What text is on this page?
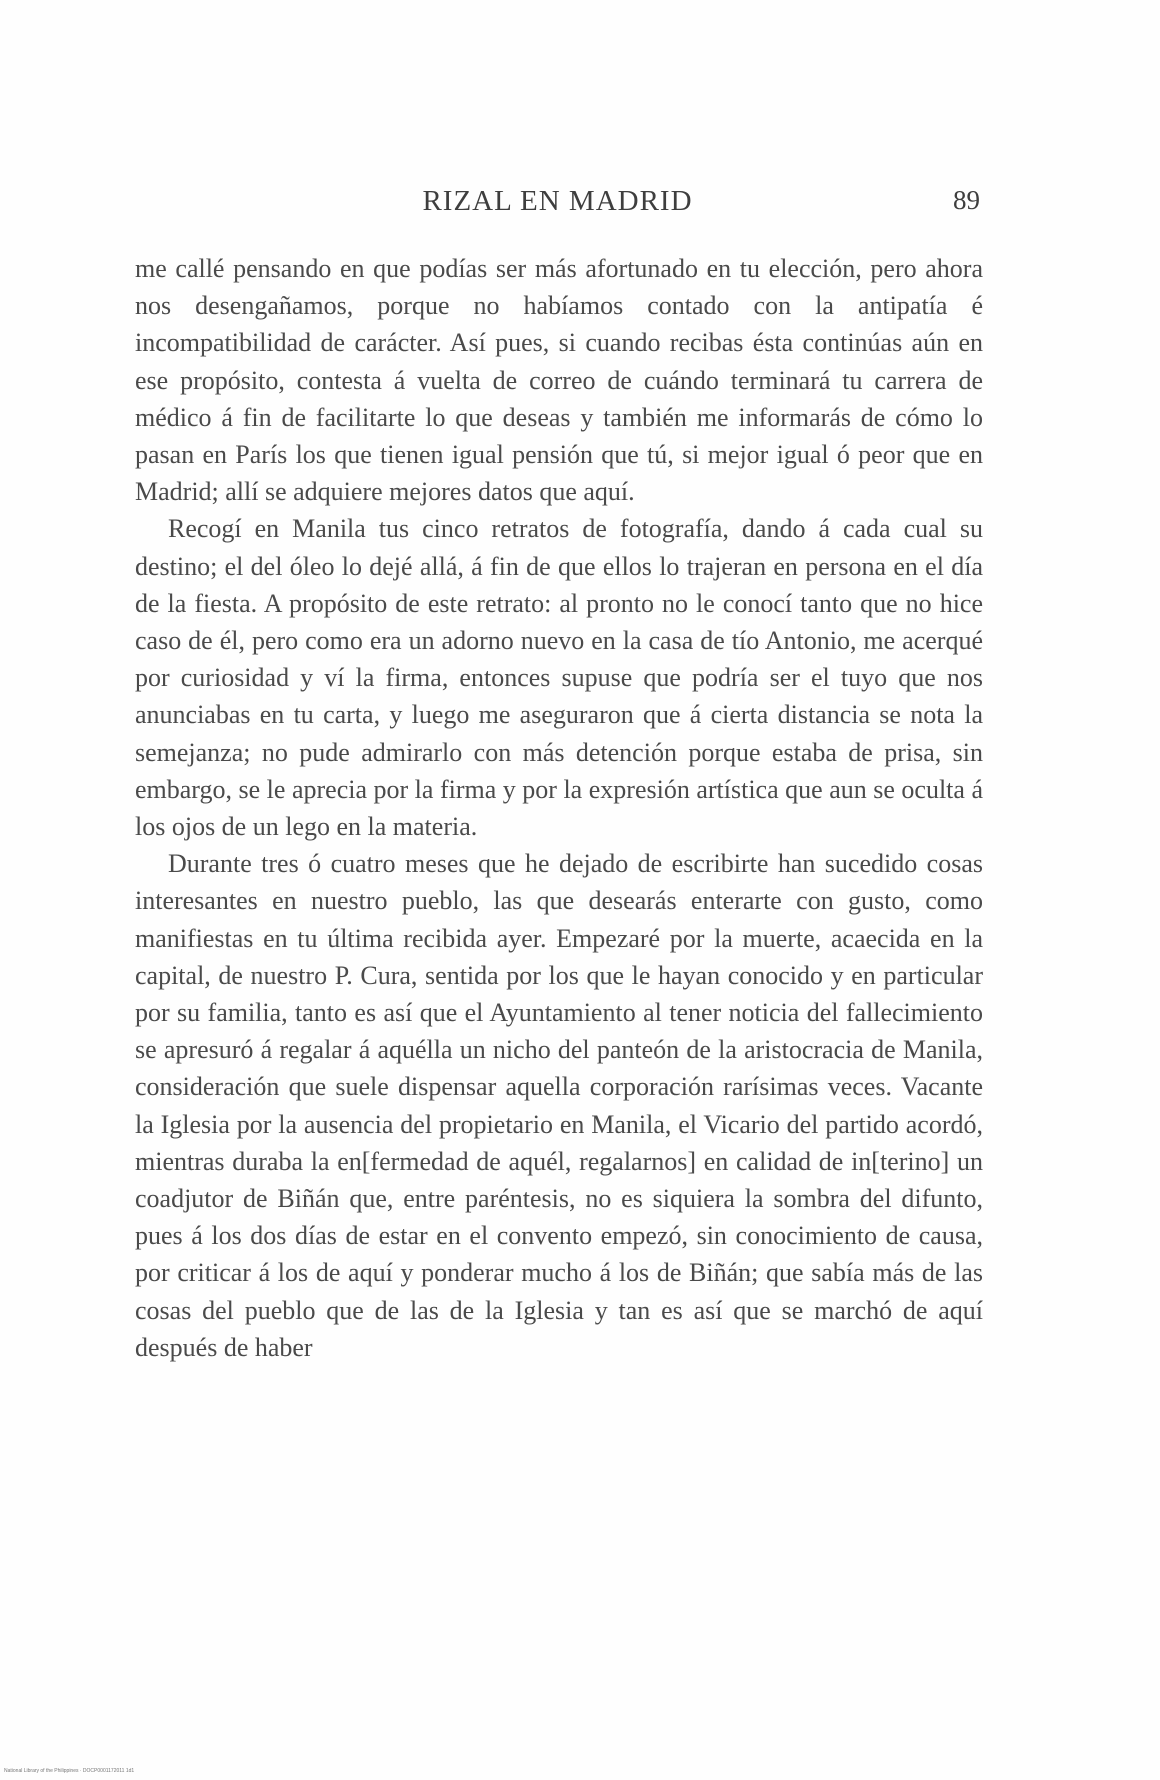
RIZAL EN MADRID	89

me callé pensando en que podías ser más afortunado en tu elección, pero ahora nos desengañamos, porque no habíamos contado con la antipatía é incompatibilidad de carácter. Así pues, si cuando recibas ésta continúas aún en ese propósito, contesta á vuelta de correo de cuándo terminará tu carrera de médico á fin de facilitarte lo que deseas y también me informarás de cómo lo pasan en París los que tienen igual pensión que tú, si mejor igual ó peor que en Madrid; allí se adquiere mejores datos que aquí.

Recogí en Manila tus cinco retratos de fotografía, dando á cada cual su destino; el del óleo lo dejé allá, á fin de que ellos lo trajeran en persona en el día de la fiesta. A propósito de este retrato: al pronto no le conocí tanto que no hice caso de él, pero como era un adorno nuevo en la casa de tío Antonio, me acerqué por curiosidad y ví la firma, entonces supuse que podría ser el tuyo que nos anunciabas en tu carta, y luego me aseguraron que á cierta distancia se nota la semejanza; no pude admirarlo con más detención porque estaba de prisa, sin embargo, se le aprecia por la firma y por la expresión artística que aun se oculta á los ojos de un lego en la materia.

Durante tres ó cuatro meses que he dejado de escribirte han sucedido cosas interesantes en nuestro pueblo, las que desearás enterarte con gusto, como manifiestas en tu última recibida ayer. Empezaré por la muerte, acaecida en la capital, de nuestro P. Cura, sentida por los que le hayan conocido y en particular por su familia, tanto es así que el Ayuntamiento al tener noticia del fallecimiento se apresuró á regalar á aquélla un nicho del panteón de la aristocracia de Manila, consideración que suele dispensar aquella corporación rarísimas veces. Vacante la Iglesia por la ausencia del propietario en Manila, el Vicario del partido acordó, mientras duraba la en[fermedad de aquél, regalarnos] en calidad de in[terino] un coadjutor de Biñán que, entre paréntesis, no es siquiera la sombra del difunto, pues á los dos días de estar en el convento empezó, sin conocimiento de causa, por criticar á los de aquí y ponderar mucho á los de Biñán; que sabía más de las cosas del pueblo que de las de la Iglesia y tan es así que se marchó de aquí después de haber

National Library of the Philippines · DOCP0001172011 1d1
